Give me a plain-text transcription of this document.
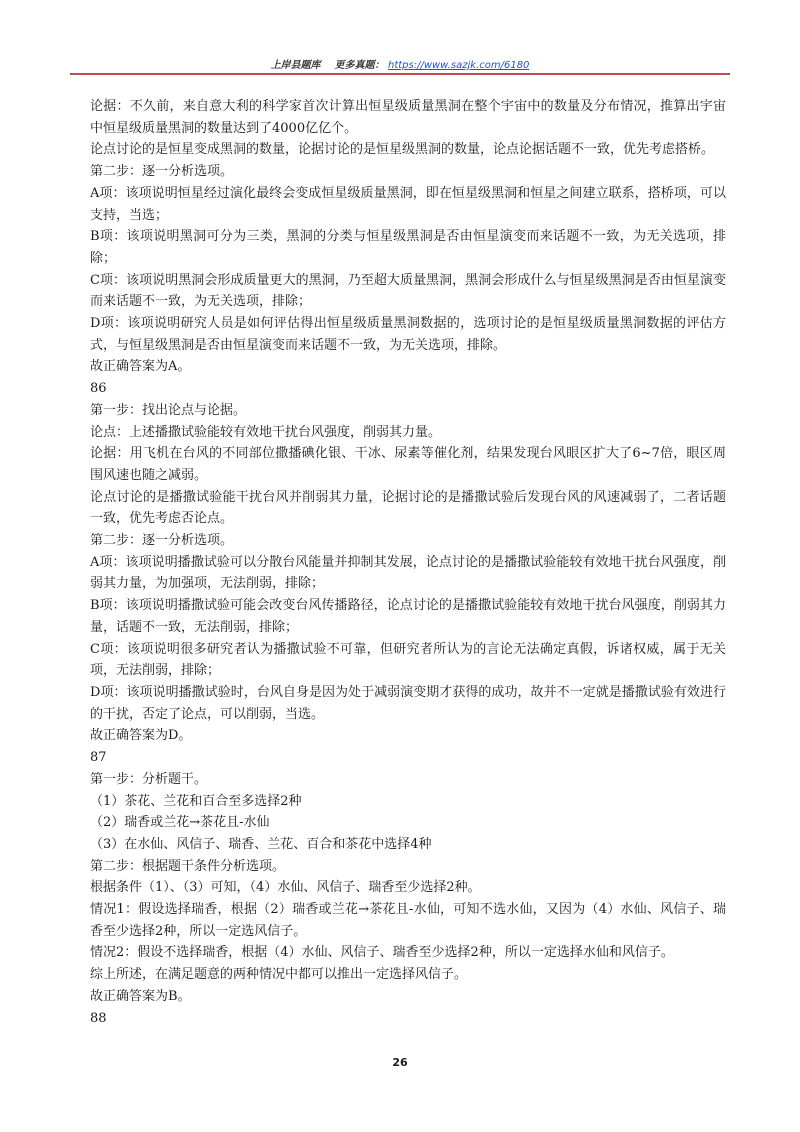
上岸县题库 更多真题： https://www.sazjk.com/6180

论据：不久前，来自意大利的科学家首次计算出恒星级质量黑洞在整个宇宙中的数量及分布情况，推算出宇宙中恒星级质量黑洞的数量达到了4000亿亿个。

论点讨论的是恒星变成黑洞的数量，论据讨论的是恒星级黑洞的数量，论点论据话题不一致，优先考虑搭桥。

第二步：逐一分析选项。

A项：该项说明恒星经过演化最终会变成恒星级质量黑洞，即在恒星级黑洞和恒星之间建立联系，搭桥项，可以支持，当选；

B项：该项说明黑洞可分为三类，黑洞的分类与恒星级黑洞是否由恒星演变而来话题不一致，为无关选项，排除；

C项：该项说明黑洞会形成质量更大的黑洞，乃至超大质量黑洞，黑洞会形成什么与恒星级黑洞是否由恒星演变而来话题不一致，为无关选项，排除；

D项：该项说明研究人员是如何评估得出恒星级质量黑洞数据的，选项讨论的是恒星级质量黑洞数据的评估方式，与恒星级黑洞是否由恒星演变而来话题不一致，为无关选项，排除。

故正确答案为A。

86

第一步：找出论点与论据。

论点：上述播撒试验能较有效地干扰台风强度，削弱其力量。

论据：用飞机在台风的不同部位撒播碘化银、干冰、尿素等催化剂，结果发现台风眼区扩大了6~7倍，眼区周围风速也随之减弱。

论点讨论的是播撒试验能干扰台风并削弱其力量，论据讨论的是播撒试验后发现台风的风速减弱了，二者话题一致，优先考虑否论点。

第二步：逐一分析选项。

A项：该项说明播撒试验可以分散台风能量并抑制其发展，论点讨论的是播撒试验能较有效地干扰台风强度，削弱其力量，为加强项，无法削弱，排除；

B项：该项说明播撒试验可能会改变台风传播路径，论点讨论的是播撒试验能较有效地干扰台风强度，削弱其力量，话题不一致，无法削弱，排除；

C项：该项说明很多研究者认为播撒试验不可靠，但研究者所认为的言论无法确定真假，诉诸权威，属于无关项，无法削弱，排除；

D项：该项说明播撒试验时，台风自身是因为处于减弱演变期才获得的成功，故并不一定就是播撒试验有效进行的干扰，否定了论点，可以削弱，当选。

故正确答案为D。

87

第一步：分析题干。

（1）茶花、兰花和百合至多选择2种

（2）瑞香或兰花→茶花且-水仙

（3）在水仙、风信子、瑞香、兰花、百合和茶花中选择4种

第二步：根据题干条件分析选项。

根据条件（1）、（3）可知，（4）水仙、风信子、瑞香至少选择2种。

情况1：假设选择瑞香，根据（2）瑞香或兰花→茶花且-水仙，可知不选水仙，又因为（4）水仙、风信子、瑞香至少选择2种，所以一定选风信子。

情况2：假设不选择瑞香，根据（4）水仙、风信子、瑞香至少选择2种，所以一定选择水仙和风信子。

综上所述，在满足题意的两种情况中都可以推出一定选择风信子。

故正确答案为B。

88

26
